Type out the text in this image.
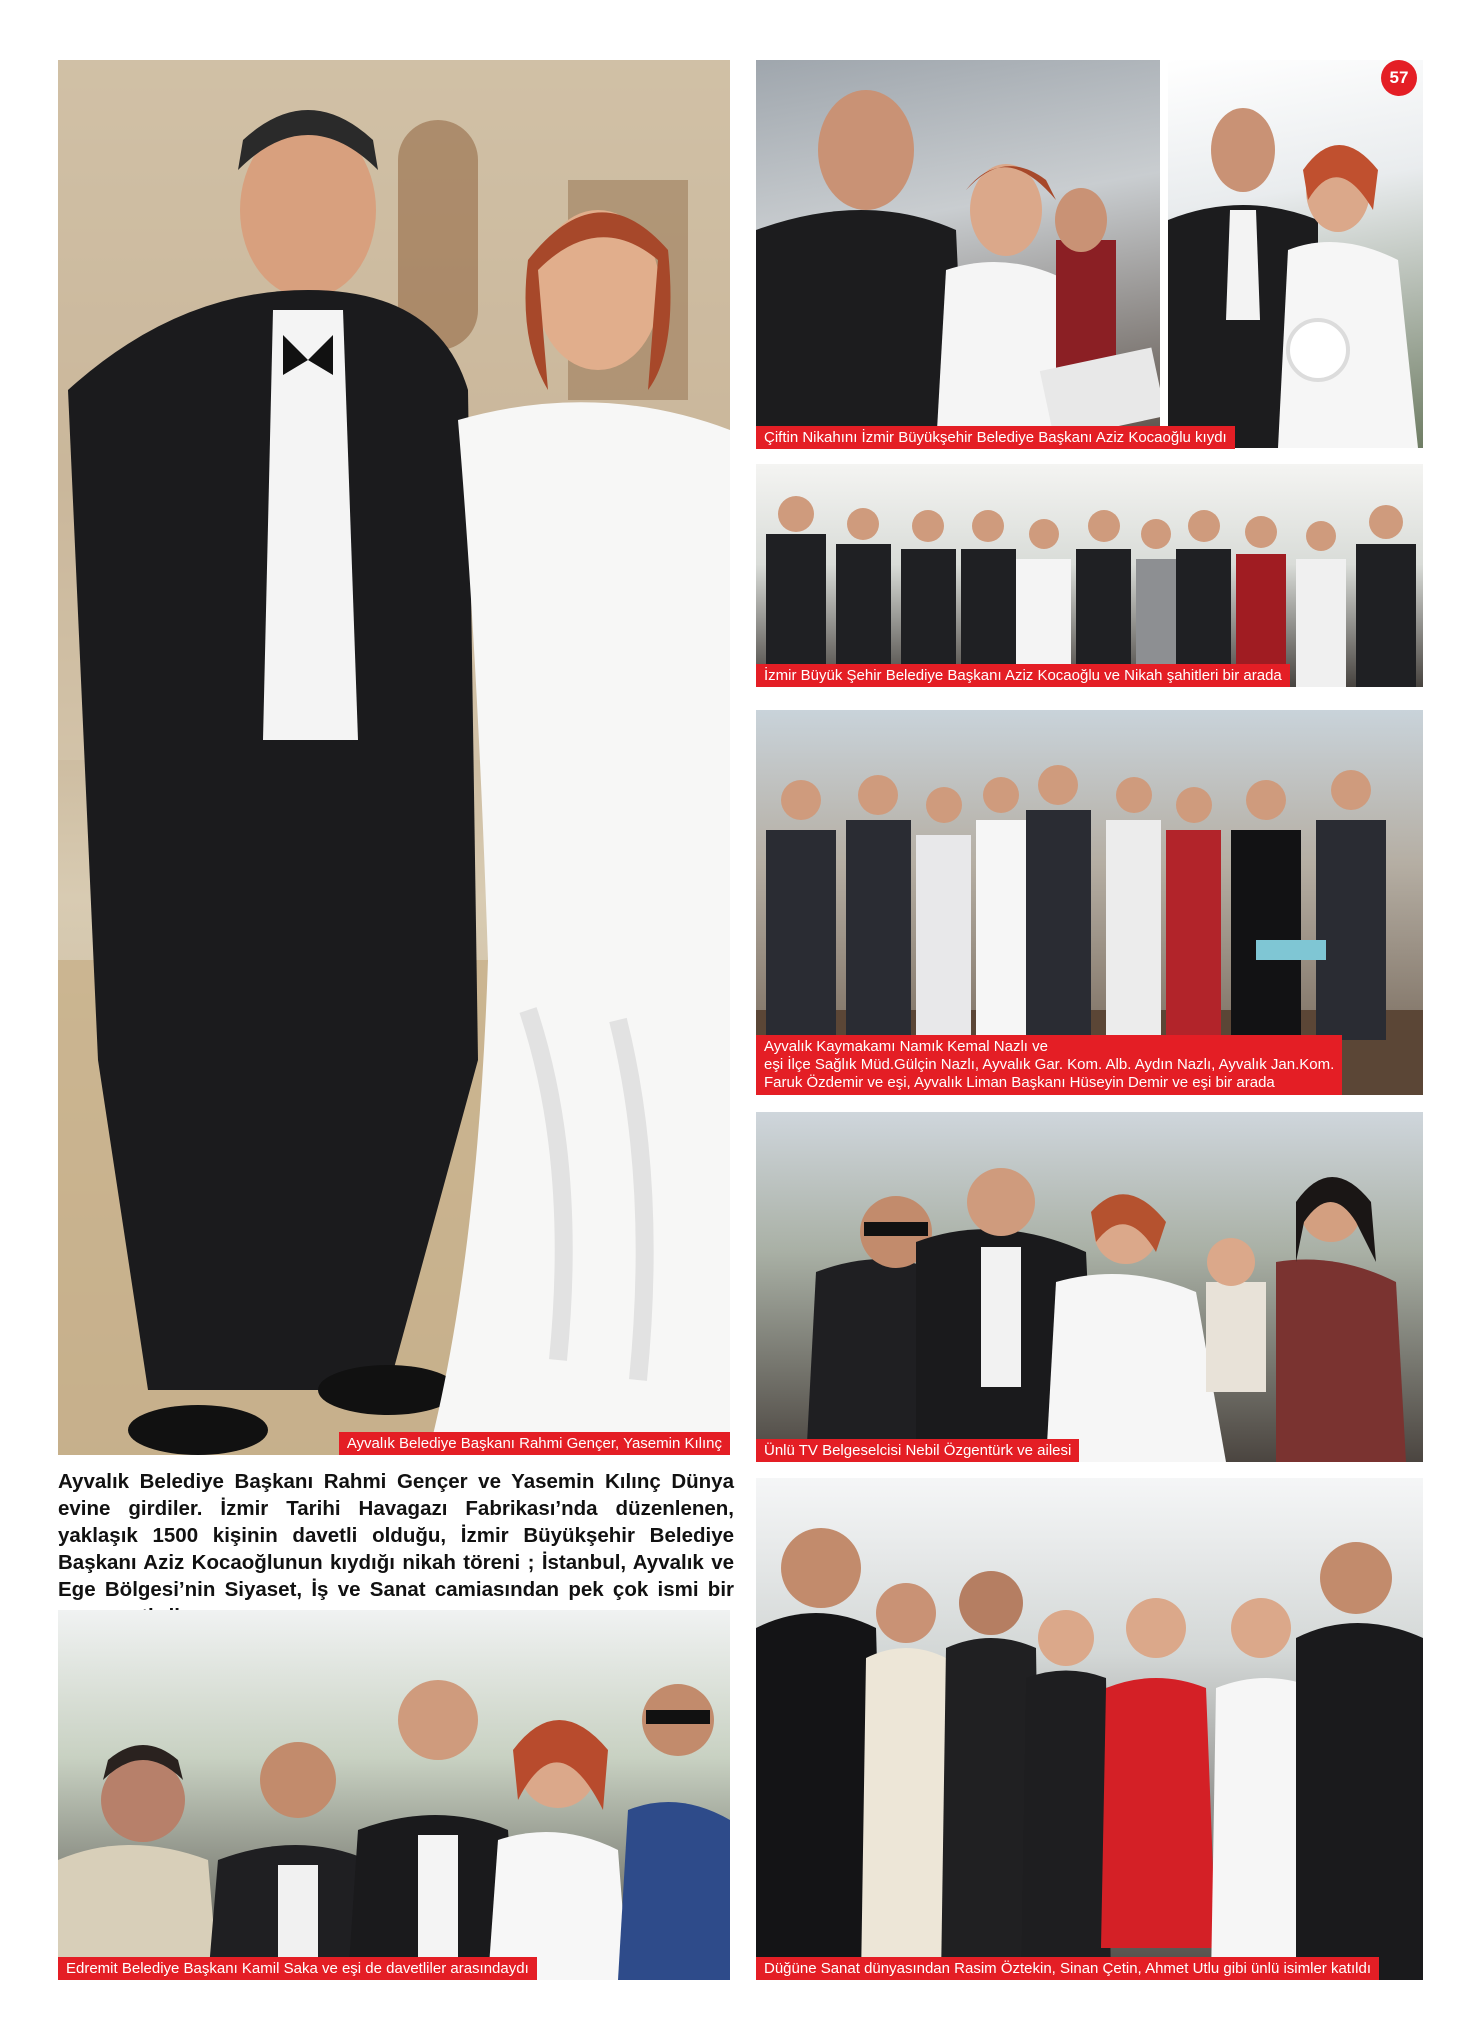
Ayvalık Belediye Başkanı Rahmi Gençer, Yasemin Kılınç
Ayvalık Belediye Başkanı Rahmi Gençer ve Yasemin Kılınç Dünya evine girdiler. İzmir Tarihi Havagazı Fabrikası’nda düzenlenen, yaklaşık 1500 kişinin davetli olduğu, İzmir Büyükşehir Belediye Başkanı Aziz Kocaoğlunun kıydığı nikah töreni ; İstanbul, Ayvalık ve Ege Bölgesi’nin Siyaset, İş ve Sanat camiasından pek çok ismi bir
57
Çiftin Nikahını İzmir Büyükşehir Belediye Başkanı Aziz Kocaoğlu kıydı
İzmir Büyük Şehir Belediye Başkanı Aziz Kocaoğlu ve Nikah şahitleri bir arada
Ayvalık Kaymakamı Namık Kemal Nazlı ve
eşi İlçe Sağlık Müd.Gülçin Nazlı, Ayvalık Gar. Kom. Alb. Aydın Nazlı, Ayvalık Jan.Kom.
Faruk Özdemir ve eşi, Ayvalık Liman Başkanı Hüseyin Demir ve eşi bir arada
Ünlü TV Belgeselcisi Nebil Özgentürk ve ailesi
Edremit Belediye Başkanı Kamil Saka ve eşi de davetliler arasındaydı	Düğüne Sanat dünyasından Rasim Öztekin, Sinan Çetin, Ahmet Utlu gibi ünlü isimler katıldı
